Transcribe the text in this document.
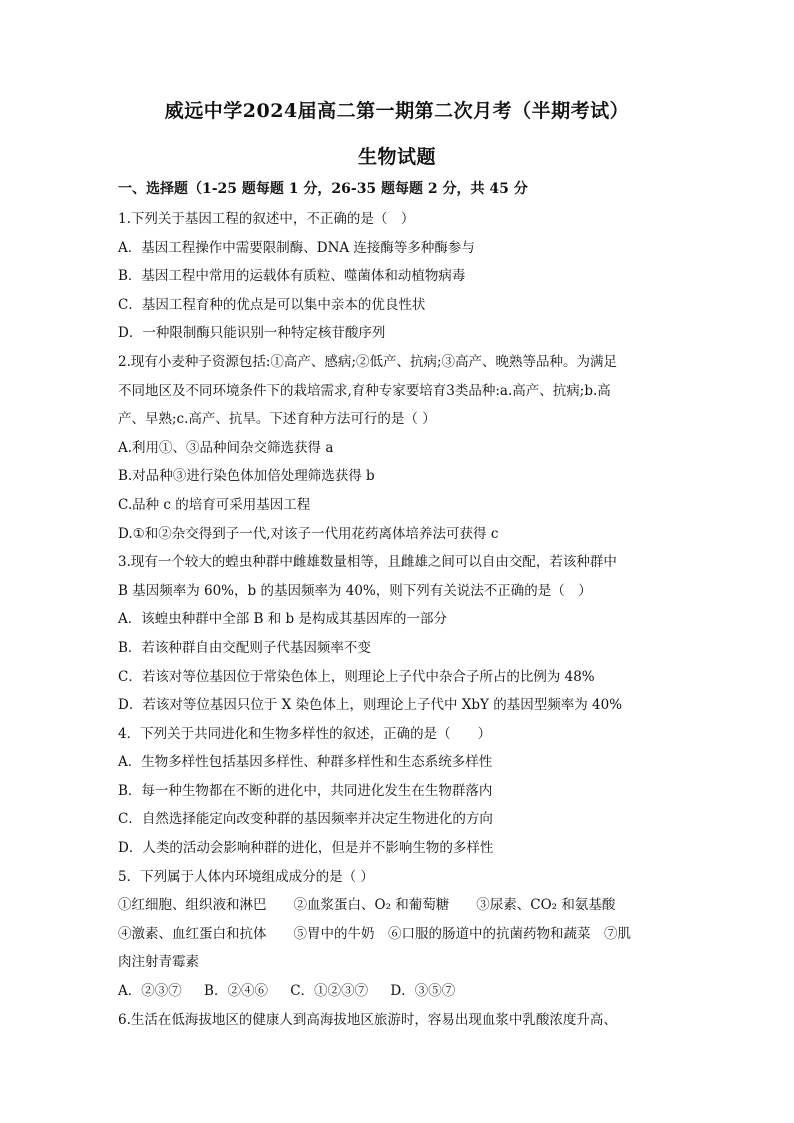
威远中学2024届高二第一期第二次月考（半期考试）
生物试题

一、选择题（1-25 题每题 1 分，26-35 题每题 2 分，共 45 分

1.下列关于基因工程的叙述中，不正确的是（　）
A．基因工程操作中需要限制酶、DNA 连接酶等多种酶参与
B．基因工程中常用的运载体有质粒、噬菌体和动植物病毒
C．基因工程育种的优点是可以集中亲本的优良性状
D．一种限制酶只能识别一种特定核苷酸序列
2.现有小麦种子资源包括:①高产、感病;②低产、抗病;③高产、晚熟等品种。为满足
不同地区及不同环境条件下的栽培需求,育种专家要培育3类品种:a.高产、抗病;b.高
产、早熟;c.高产、抗旱。下述育种方法可行的是（ ）
A.利用①、③品种间杂交筛选获得 a
B.对品种③进行染色体加倍处理筛选获得 b
C.品种 c 的培育可采用基因工程
D.①和②杂交得到子一代,对该子一代用花药离体培养法可获得 c
3.现有一个较大的蝗虫种群中雌雄数量相等，且雌雄之间可以自由交配，若该种群中
B 基因频率为 60%，b 的基因频率为 40%，则下列有关说法不正确的是（　）
A．该蝗虫种群中全部 B 和 b 是构成其基因库的一部分
B．若该种群自由交配则子代基因频率不变
C．若该对等位基因位于常染色体上，则理论上子代中杂合子所占的比例为 48%
D．若该对等位基因只位于 X 染色体上，则理论上子代中 XbY 的基因型频率为 40%
4．下列关于共同进化和生物多样性的叙述，正确的是（　　）
A．生物多样性包括基因多样性、种群多样性和生态系统多样性
B．每一种生物都在不断的进化中，共同进化发生在生物群落内
C．自然选择能定向改变种群的基因频率并决定生物进化的方向
D．人类的活动会影响种群的进化，但是并不影响生物的多样性
5．下列属于人体内环境组成成分的是（ ）
①红细胞、组织液和淋巴　　②血浆蛋白、O₂ 和葡萄糖　　③尿素、CO₂ 和氨基酸
④激素、血红蛋白和抗体　　⑤胃中的牛奶　⑥口服的肠道中的抗菌药物和蔬菜　⑦肌
肉注射青霉素
A．②③⑦ B．②④⑥ C．①②③⑦ D．③⑤⑦
6.生活在低海拔地区的健康人到高海拔地区旅游时，容易出现血浆中乳酸浓度升高、
